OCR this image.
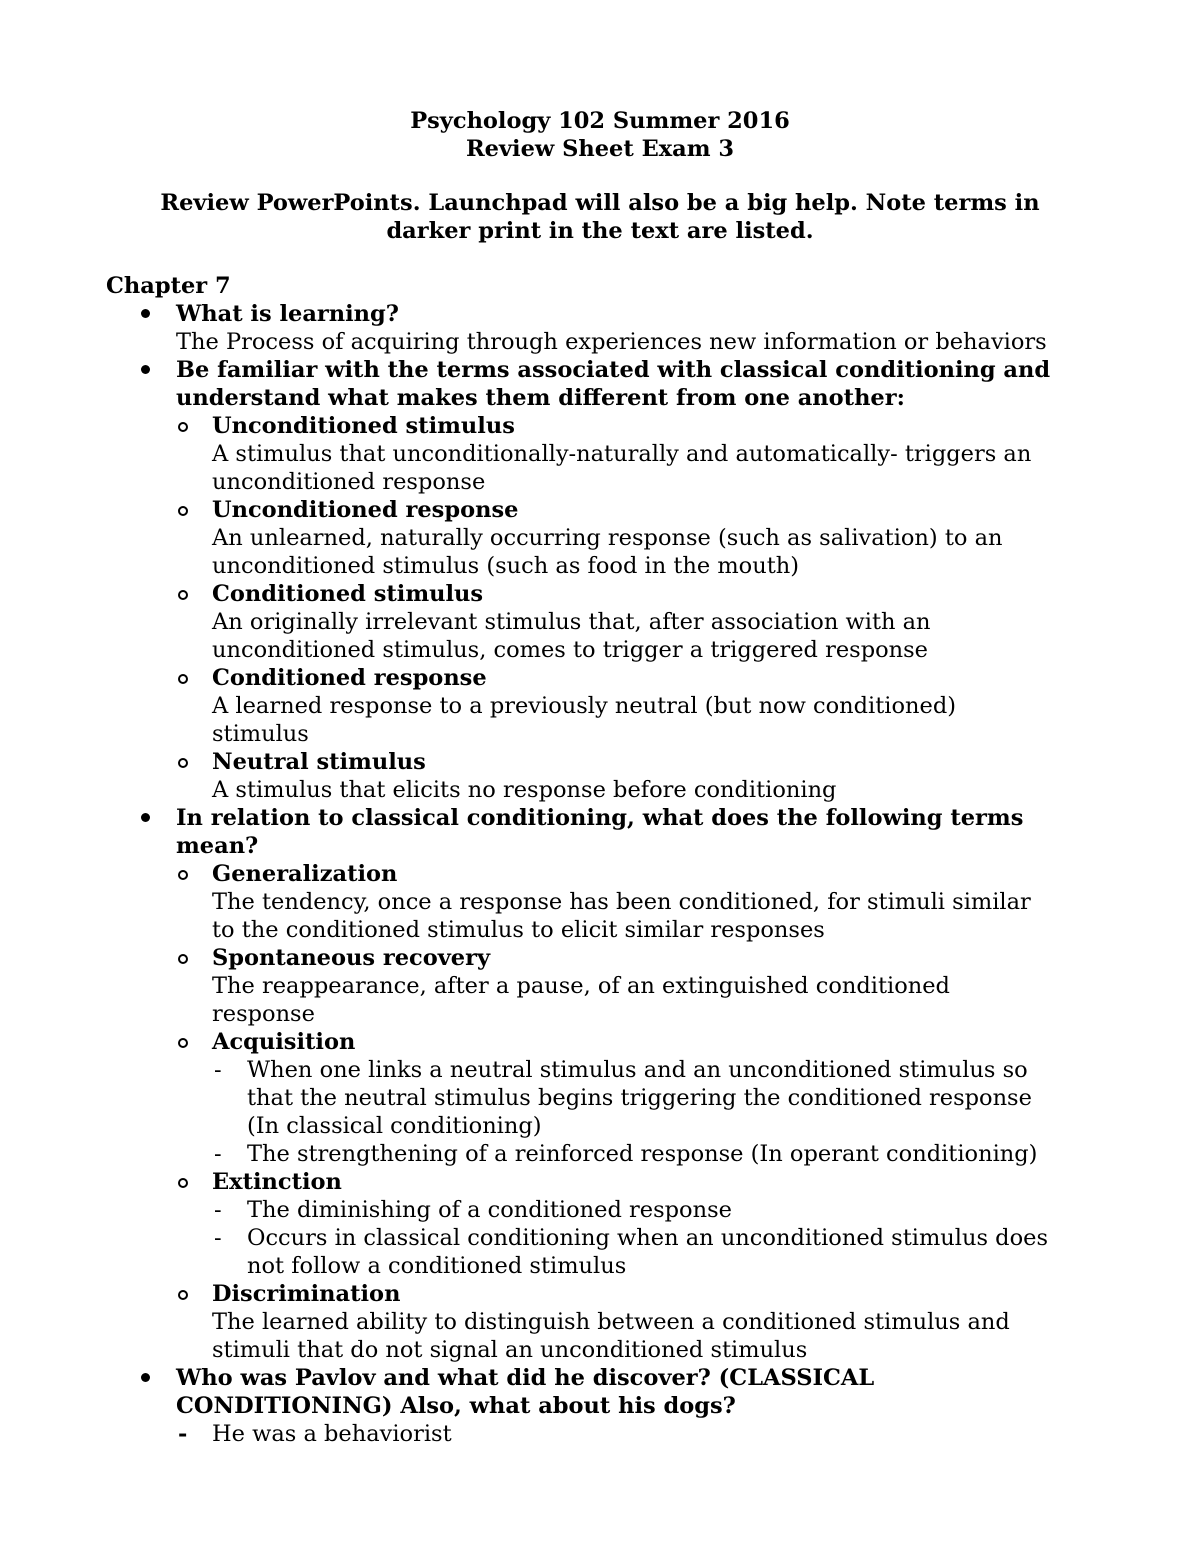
Psychology 102 Summer 2016
Review Sheet Exam 3
Review PowerPoints. Launchpad will also be a big help. Note terms in
darker print in the text are listed.
Chapter 7
What is learning?
The Process of acquiring through experiences new information or behaviors
Be familiar with the terms associated with classical conditioning and
understand what makes them different from one another:
Unconditioned stimulus
A stimulus that unconditionally-naturally and automatically- triggers an
unconditioned response
Unconditioned response
An unlearned, naturally occurring response (such as salivation) to an
unconditioned stimulus (such as food in the mouth)
Conditioned stimulus
An originally irrelevant stimulus that, after association with an
unconditioned stimulus, comes to trigger a triggered response
Conditioned response
A learned response to a previously neutral (but now conditioned)
stimulus
Neutral stimulus
A stimulus that elicits no response before conditioning
In relation to classical conditioning, what does the following terms
mean?
Generalization
The tendency, once a response has been conditioned, for stimuli similar
to the conditioned stimulus to elicit similar responses
Spontaneous recovery
The reappearance, after a pause, of an extinguished conditioned
response
Acquisition
- When one links a neutral stimulus and an unconditioned stimulus so
that the neutral stimulus begins triggering the conditioned response
(In classical conditioning)
- The strengthening of a reinforced response (In operant conditioning)
Extinction
- The diminishing of a conditioned response
- Occurs in classical conditioning when an unconditioned stimulus does
not follow a conditioned stimulus
Discrimination
The learned ability to distinguish between a conditioned stimulus and
stimuli that do not signal an unconditioned stimulus
Who was Pavlov and what did he discover? (CLASSICAL
CONDITIONING) Also, what about his dogs?
- He was a behaviorist
